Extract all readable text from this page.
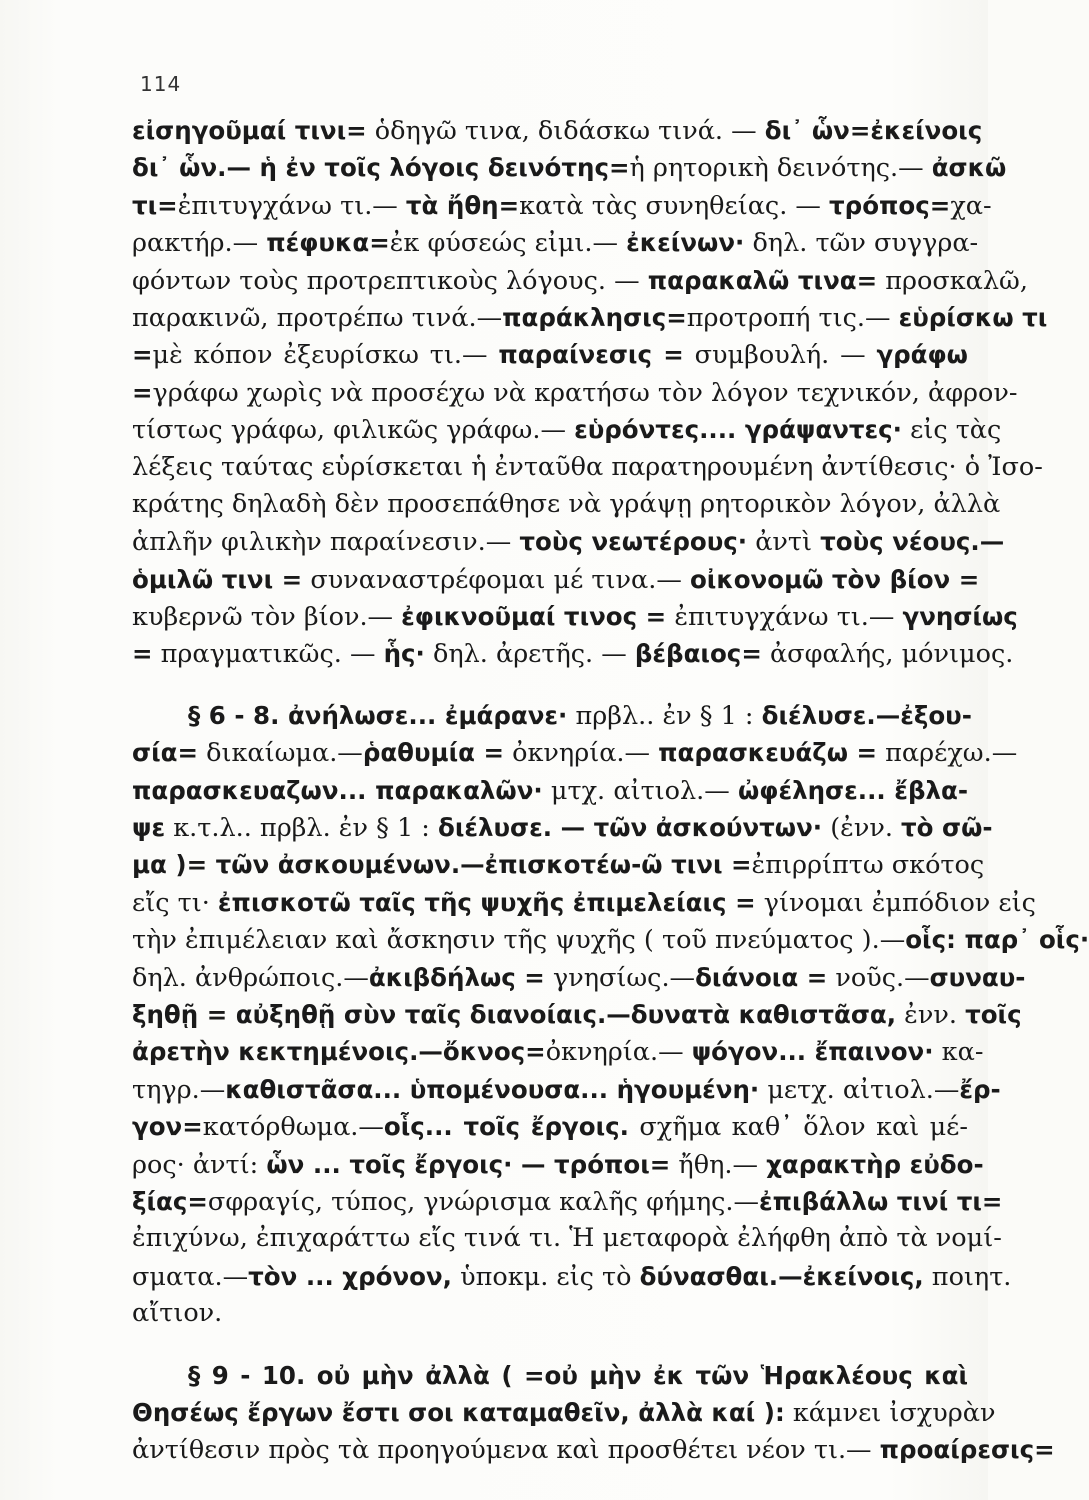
114
εἰσηγοῦμαί τινι= ὁδηγῶ τινα, διδάσκω τινά. — δι᾿ ὧν=ἐκείνοις
δι᾿ ὧν.— ἡ ἐν τοῖς λόγοις δεινότης=ἡ ρητορικὴ δεινότης.— ἀσκῶ
τι=ἐπιτυγχάνω τι.— τὰ ἤθη=κατὰ τὰς συνηθείας. — τρόπος=χα-
ρακτήρ.— πέφυκα=ἐκ φύσεώς εἰμι.— ἐκείνων· δηλ. τῶν συγγρα-
φόντων τοὺς προτρεπτικοὺς λόγους. — παρακαλῶ τινα= προσκαλῶ,
παρακινῶ, προτρέπω τινά.—παράκλησις=προτροπή τις.— εὑρίσκω τι
=μὲ κόπον ἐξευρίσκω τι.— παραίνεσις = συμβουλή. — γράφω
=γράφω χωρὶς νὰ προσέχω νὰ κρατήσω τὸν λόγον τεχνικόν, ἀφρον-
τίστως γράφω, φιλικῶς γράφω.— εὑρόντες.... γράψαντες· εἰς τὰς
λέξεις ταύτας εὑρίσκεται ἡ ἐνταῦθα παρατηρουμένη ἀντίθεσις· ὁ Ἰσο-
κράτης δηλαδὴ δὲν προσεπάθησε νὰ γράψῃ ρητορικὸν λόγον, ἀλλὰ
ἁπλῆν φιλικὴν παραίνεσιν.— τοὺς νεωτέρους· ἀντὶ τοὺς νέους.—
ὁμιλῶ τινι = συναναστρέφομαι μέ τινα.— οἰκονομῶ τὸν βίον =
κυβερνῶ τὸν βίον.— ἐφικνοῦμαί τινος = ἐπιτυγχάνω τι.— γνησίως
= πραγματικῶς. — ἧς· δηλ. ἀρετῆς. — βέβαιος= ἀσφαλής, μόνιμος.
§ 6 - 8. ἀνήλωσε... ἐμάρανε· πρβλ.. ἐν § 1 : διέλυσε.—ἐξου-
σία= δικαίωμα.—ῥαθυμία = ὀκνηρία.— παρασκευάζω = παρέχω.—
παρασκευαζων... παρακαλῶν· μτχ. αἰτιολ.— ὠφέλησε... ἔβλα-
ψε κ.τ.λ.. πρβλ. ἐν § 1 : διέλυσε. — τῶν ἀσκούντων· (ἐνν. τὸ σῶ-
μα )= τῶν ἀσκουμένων.—ἐπισκοτέω-ῶ τινι =ἐπιρρίπτω σκότος
εἴς τι· ἐπισκοτῶ ταῖς τῆς ψυχῆς ἐπιμελείαις = γίνομαι ἐμπόδιον εἰς
τὴν ἐπιμέλειαν καὶ ἄσκησιν τῆς ψυχῆς ( τοῦ πνεύματος ).—οἷς: παρ᾿ οἷς·
δηλ. ἀνθρώποις.—ἀκιβδήλως = γνησίως.—διάνοια = νοῦς.—συναυ-
ξηθῇ = αὐξηθῇ σὺν ταῖς διανοίαις.—δυνατὰ καθιστᾶσα, ἐνν. τοῖς
ἀρετὴν κεκτημένοις.—ὄκνος=ὀκνηρία.— ψόγον... ἔπαινον· κα-
τηγρ.—καθιστᾶσα... ὑπομένουσα... ἡγουμένη· μετχ. αἰτιολ.—ἔρ-
γον=κατόρθωμα.—οἷς... τοῖς ἔργοις. σχῆμα καθ᾿ ὅλον καὶ μέ-
ρος· ἀντί: ὧν ... τοῖς ἔργοις· — τρόποι= ἤθη.— χαρακτὴρ εὐδο-
ξίας=σφραγίς, τύπος, γνώρισμα καλῆς φήμης.—ἐπιβάλλω τινί τι=
ἐπιχύνω, ἐπιχαράττω εἴς τινά τι. Ἡ μεταφορὰ ἐλήφθη ἀπὸ τὰ νομί-
σματα.—τὸν ... χρόνον, ὑποκμ. εἰς τὸ δύνασθαι.—ἐκείνοις, ποιητ.
αἴτιον.
§ 9 - 10. οὐ μὴν ἀλλὰ ( =οὐ μὴν ἐκ τῶν Ἡρακλέους καὶ
Θησέως ἔργων ἔστι σοι καταμαθεῖν, ἀλλὰ καί ): κάμνει ἰσχυρὰν
ἀντίθεσιν πρὸς τὰ προηγούμενα καὶ προσθέτει νέον τι.— προαίρεσις=
